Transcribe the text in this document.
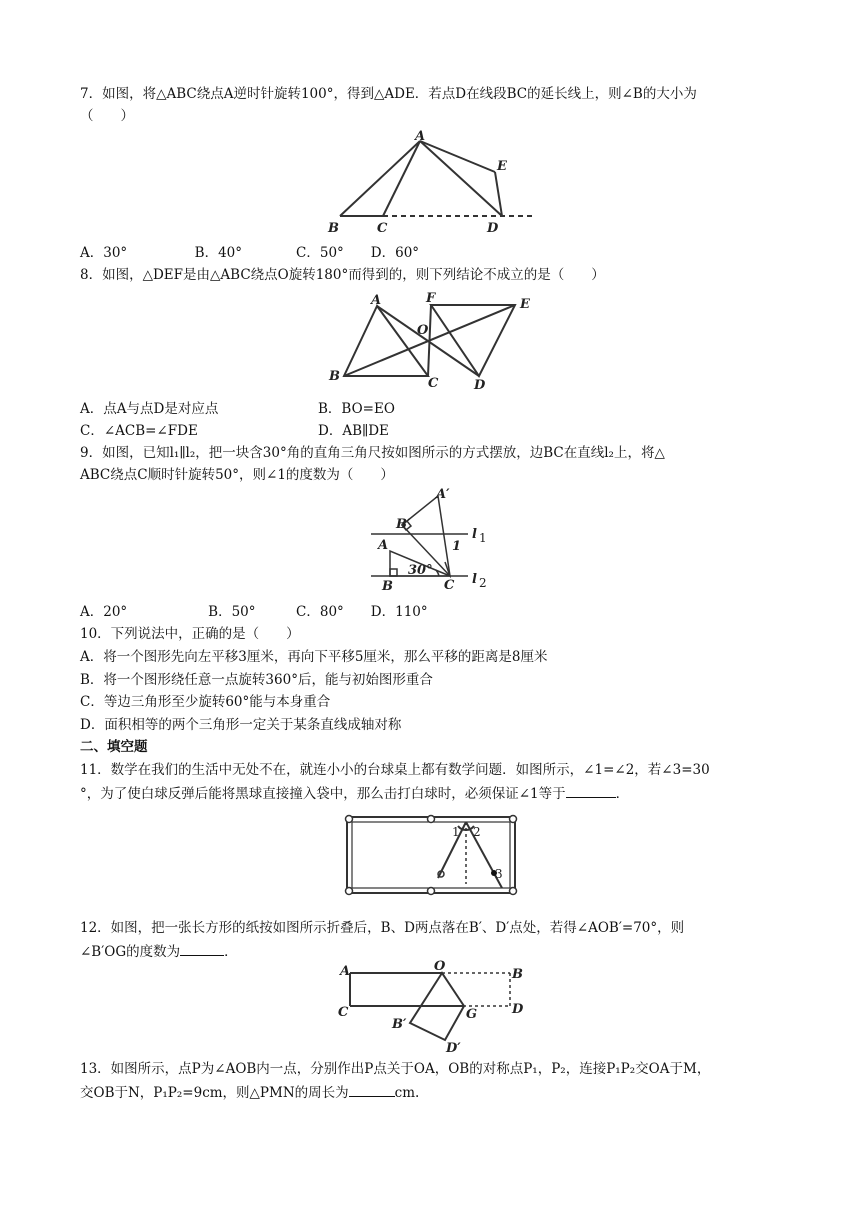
7．如图，将△ABC绕点A逆时针旋转100°，得到△ADE．若点D在线段BC的延长线上，则∠B的大小为
（　　）
A
B	C	D
E
A．30°　　　　　B．40°　　　　C．50°　　D．60°
8．如图，△DEF是由△ABC绕点O旋转180°而得到的，则下列结论不成立的是（　　）
A
B	C	D
E
F
O
A．点A与点D是对应点	B．BO=EO
C．∠ACB=∠FDE	D．AB∥DE
9．如图，已知l₁∥l₂，把一块含30°角的直角三角尺按如图所示的方式摆放，边BC在直线l₂上，将△
ABC绕点C顺时针旋转50°，则∠1的度数为（　　）
A′
B′
A
B	C
1
30°
l 1
l 2
A．20°　　　　　　B．50°　　　C．80°　　D．110°
10．下列说法中，正确的是（　　）
A．将一个图形先向左平移3厘米，再向下平移5厘米，那么平移的距离是8厘米
B．将一个图形绕任意一点旋转360°后，能与初始图形重合
C．等边三角形至少旋转60°能与本身重合
D．面积相等的两个三角形一定关于某条直线成轴对称
二、填空题
11．数学在我们的生活中无处不在，就连小小的台球桌上都有数学问题．如图所示，∠1=∠2，若∠3=30
°，为了使白球反弹后能将黑球直接撞入袋中，那么击打白球时，必须保证∠1等于	．
1 2
3
12．如图，把一张长方形的纸按如图所示折叠后，B、D两点落在B′、D′点处，若得∠AOB′=70°，则
∠B′OG的度数为	．
A	O
B
C	D
G
B′
D′
13．如图所示，点P为∠AOB内一点，分别作出P点关于OA，OB的对称点P₁，P₂，连接P₁P₂交OA于M，
交OB于N，P₁P₂=9cm，则△PMN的周长为	cm.
